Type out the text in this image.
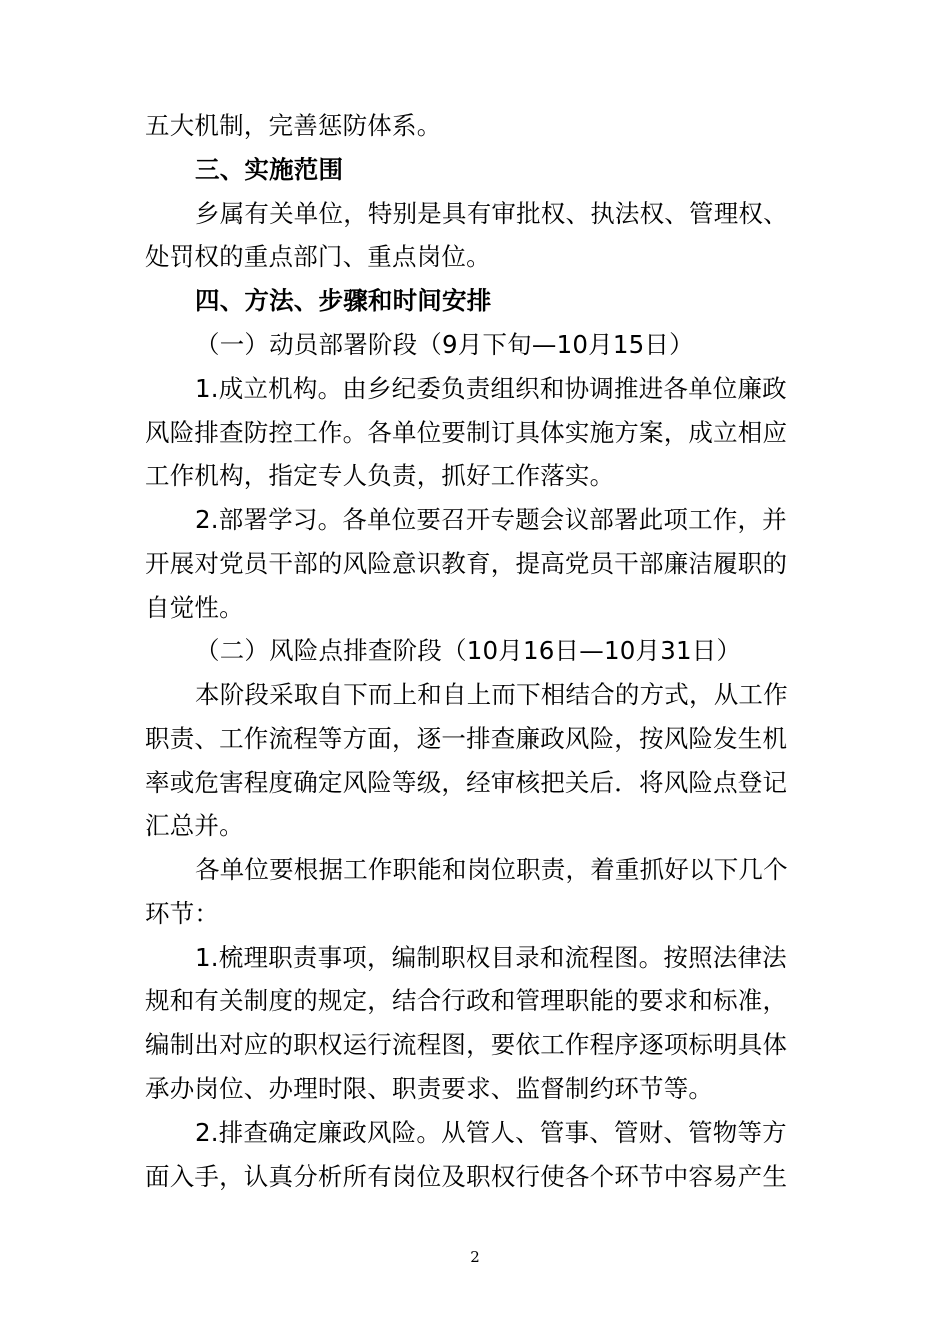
五大机制，完善惩防体系。
三、实施范围
乡属有关单位，特别是具有审批权、执法权、管理权、
处罚权的重点部门、重点岗位。
四、方法、步骤和时间安排
（一）动员部署阶段（9月下旬—10月15日）
1.成立机构。由乡纪委负责组织和协调推进各单位廉政
风险排查防控工作。各单位要制订具体实施方案，成立相应
工作机构，指定专人负责，抓好工作落实。
2.部署学习。各单位要召开专题会议部署此项工作，并
开展对党员干部的风险意识教育，提高党员干部廉洁履职的
自觉性。
（二）风险点排查阶段（10月16日—10月31日）
本阶段采取自下而上和自上而下相结合的方式，从工作
职责、工作流程等方面，逐一排查廉政风险，按风险发生机
率或危害程度确定风险等级，经审核把关后．将风险点登记
汇总并。
各单位要根据工作职能和岗位职责，着重抓好以下几个
环节：
1.梳理职责事项，编制职权目录和流程图。按照法律法
规和有关制度的规定，结合行政和管理职能的要求和标准，
编制出对应的职权运行流程图，要依工作程序逐项标明具体
承办岗位、办理时限、职责要求、监督制约环节等。
2.排查确定廉政风险。从管人、管事、管财、管物等方
面入手，认真分析所有岗位及职权行使各个环节中容易产生
2
